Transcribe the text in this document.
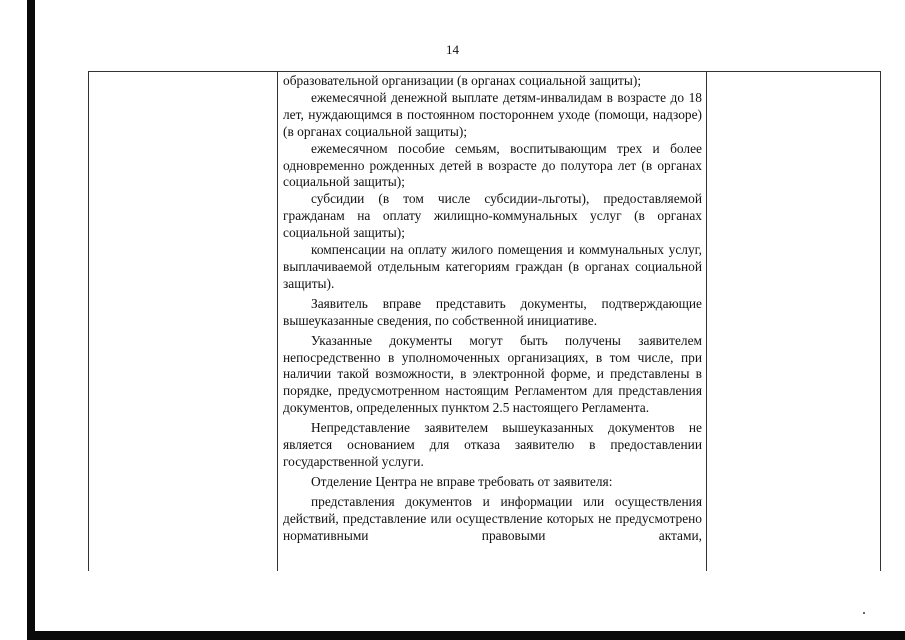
14

образовательной организации (в органах социальной защиты);

ежемесячной денежной выплате детям-инвалидам в возрасте до 18 лет, нуждающимся в постоянном постороннем уходе (помощи, надзоре) (в органах социальной защиты);

ежемесячном пособие семьям, воспитывающим трех и более одновременно рожденных детей в возрасте до полутора лет (в органах социальной защиты);

субсидии (в том числе субсидии-льготы), предоставляемой гражданам на оплату жилищно-коммунальных услуг (в органах социальной защиты);

компенсации на оплату жилого помещения и коммунальных услуг, выплачиваемой отдельным категориям граждан (в органах социальной защиты).

Заявитель вправе представить документы, подтверждающие вышеуказанные сведения, по собственной инициативе.

Указанные документы могут быть получены заявителем непосредственно в уполномоченных организациях, в том числе, при наличии такой возможности, в электронной форме, и представлены в порядке, предусмотренном настоящим Регламентом для представления документов, определенных пунктом 2.5 настоящего Регламента.

Непредставление заявителем вышеуказанных документов не является основанием для отказа заявителю в предоставлении государственной услуги.

Отделение Центра не вправе требовать от заявителя:

представления документов и информации или осуществления действий, представление или осуществление которых не предусмотрено нормативными правовыми актами,
